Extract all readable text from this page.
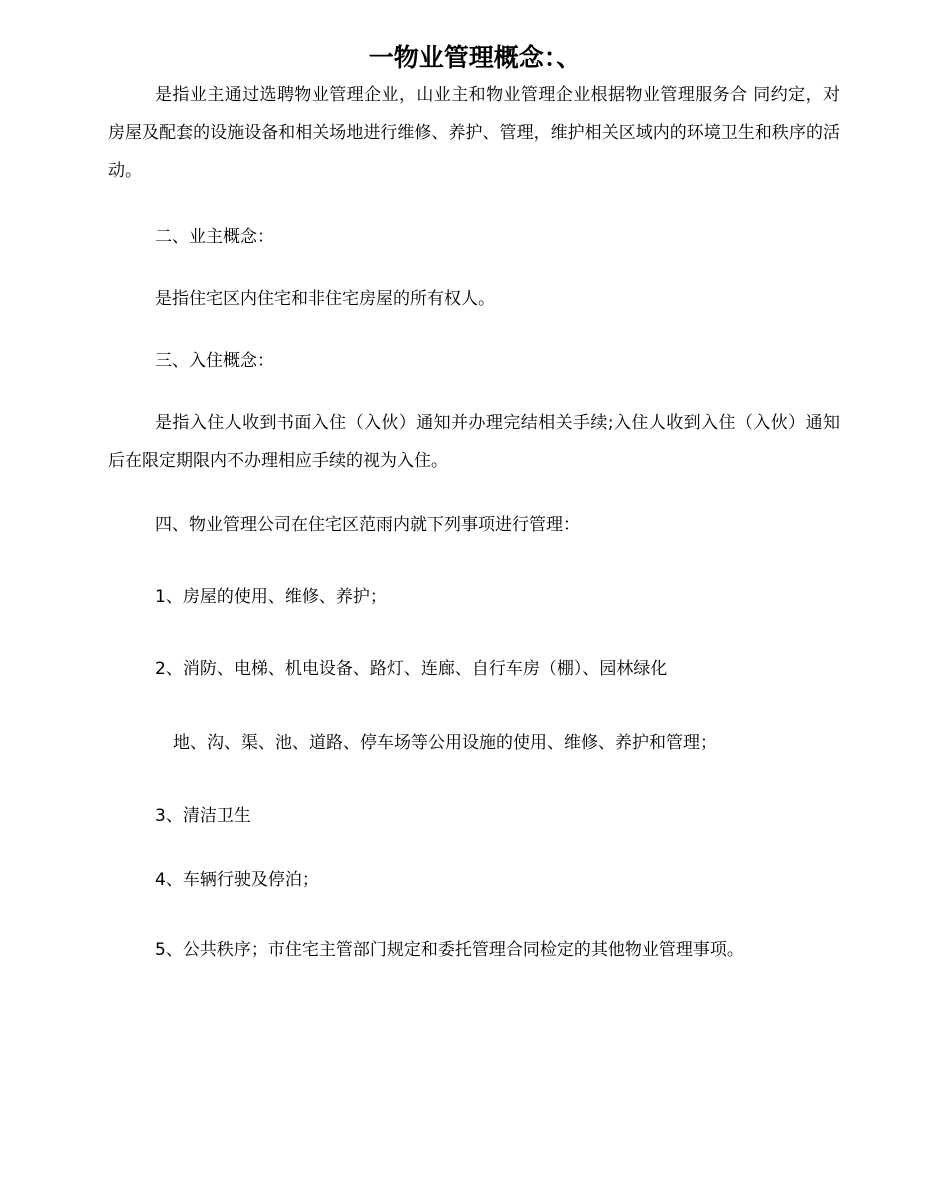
一物业管理概念：、
是指业主通过选聘物业管理企业，山业主和物业管理企业根据物业管理服务合 同约定，对房屋及配套的设施设备和相关场地进行维修、养护、管理，维护相关区域内的环境卫生和秩序的活动。
二、业主概念：
是指住宅区内住宅和非住宅房屋的所有权人。
三、入住概念：
是指入住人收到书面入住（入伙）通知并办理完结相关手续;入住人收到入住（入伙）通知后在限定期限内不办理相应手续的视为入住。
四、物业管理公司在住宅区范雨内就下列事项进行管理：
1、房屋的使用、维修、养护；
2、消防、电梯、机电设备、路灯、连廊、自行车房（棚）、园林绿化
地、沟、渠、池、道路、停车场等公用设施的使用、维修、养护和管理；
3、清洁卫生
4、车辆行驶及停泊；
5、公共秩序；市住宅主管部门规定和委托管理合同检定的其他物业管理事项。
